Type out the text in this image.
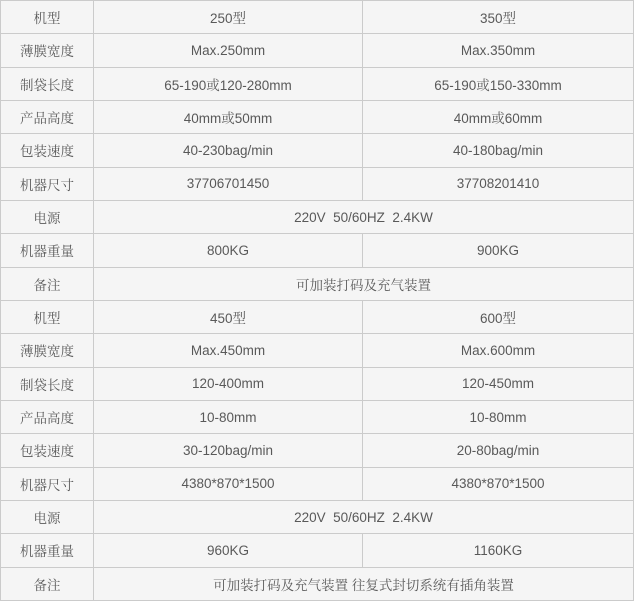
机型	250型	350型
薄膜宽度	Max.250mm	Max.350mm
制袋长度	65-190或120-280mm	65-190或150-330mm
产品高度	40mm或50mm	40mm或60mm
包装速度	40-230bag/min	40-180bag/min
机器尺寸	37706701450	37708201410
电源	220V  50/60HZ  2.4KW	
机器重量	800KG	900KG
备注	可加装打码及充气装置	
机型	450型	600型
薄膜宽度	Max.450mm	Max.600mm
制袋长度	120-400mm	120-450mm
产品高度	10-80mm	10-80mm
包装速度	30-120bag/min	20-80bag/min
机器尺寸	4380*870*1500	4380*870*1500
电源	220V  50/60HZ  2.4KW	
机器重量	960KG	1160KG
备注	可加装打码及充气装置 往复式封切系统有插角装置	
